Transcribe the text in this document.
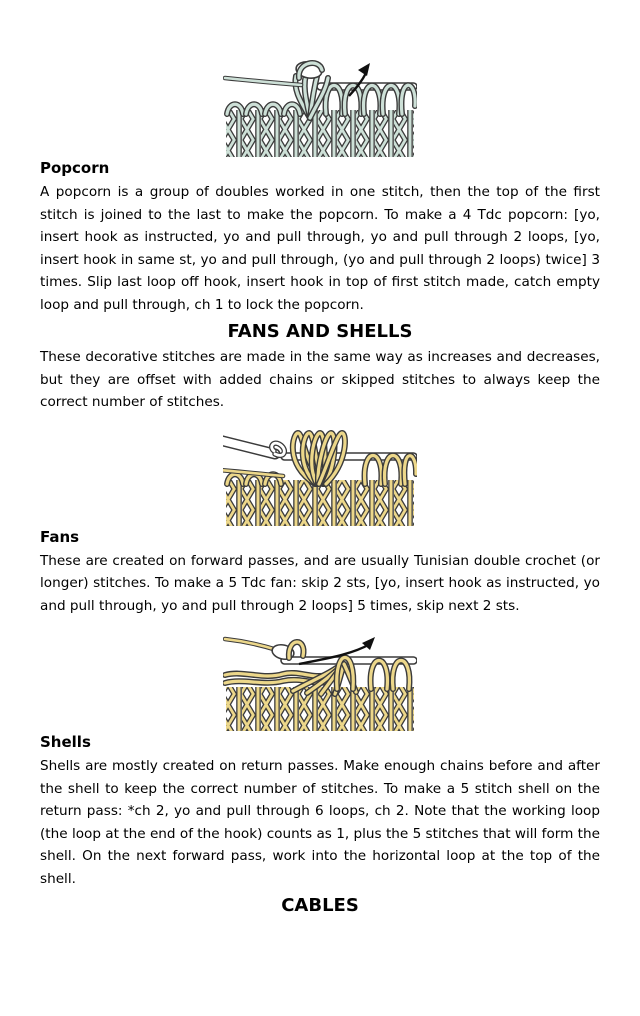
Popcorn

A popcorn is a group of doubles worked in one stitch, then the top of the first stitch is joined to the last to make the popcorn. To make a 4 Tdc popcorn: [yo, insert hook as instructed, yo and pull through, yo and pull through 2 loops, [yo, insert hook in same st, yo and pull through, (yo and pull through 2 loops) twice] 3 times. Slip last loop off hook, insert hook in top of first stitch made, catch empty loop and pull through, ch 1 to lock the popcorn.

FANS AND SHELLS

These decorative stitches are made in the same way as increases and decreases, but they are offset with added chains or skipped stitches to always keep the correct number of stitches.

Fans

These are created on forward passes, and are usually Tunisian double crochet (or longer) stitches. To make a 5 Tdc fan: skip 2 sts, [yo, insert hook as instructed, yo and pull through, yo and pull through 2 loops] 5 times, skip next 2 sts.

Shells

Shells are mostly created on return passes. Make enough chains before and after the shell to keep the correct number of stitches. To make a 5 stitch shell on the return pass: *ch 2, yo and pull through 6 loops, ch 2. Note that the working loop (the loop at the end of the hook) counts as 1, plus the 5 stitches that will form the shell. On the next forward pass, work into the horizontal loop at the top of the shell.

CABLES
